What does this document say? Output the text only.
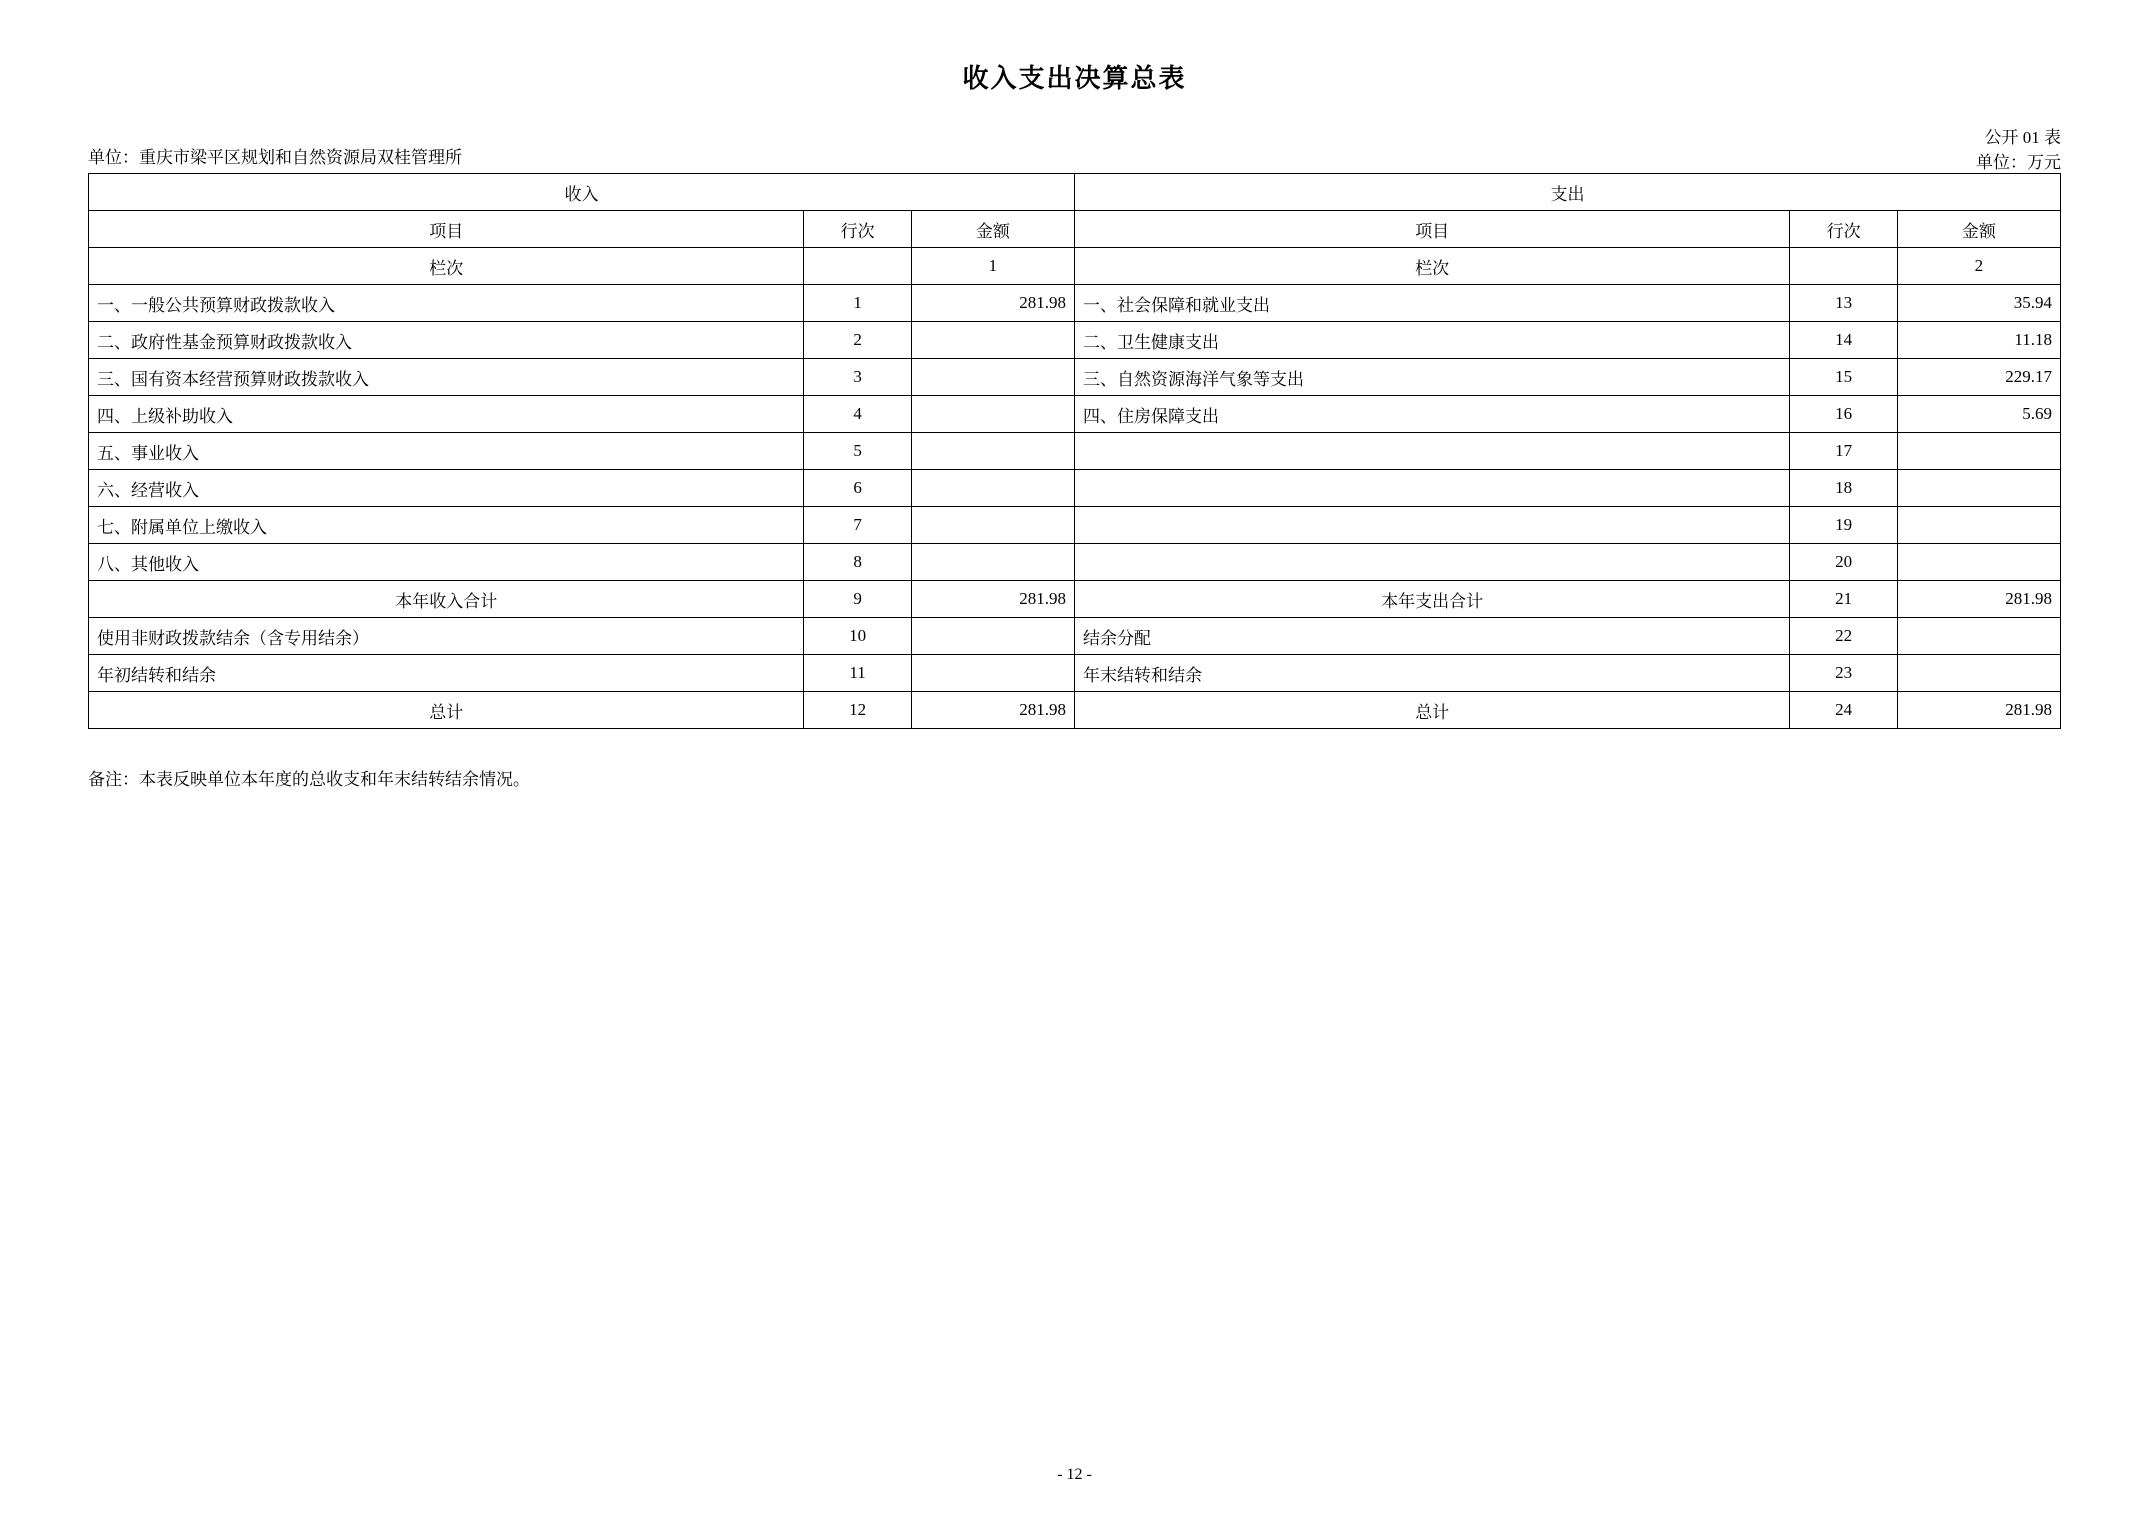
收入支出决算总表
单位：重庆市梁平区规划和自然资源局双桂管理所
公开 01 表
单位：万元
收入			支出		
项目	行次	金额	项目	行次	金额
栏次		1	栏次		2
一、一般公共预算财政拨款收入	1	281.98	一、社会保障和就业支出	13	35.94
二、政府性基金预算财政拨款收入	2		二、卫生健康支出	14	11.18
三、国有资本经营预算财政拨款收入	3		三、自然资源海洋气象等支出	15	229.17
四、上级补助收入	4		四、住房保障支出	16	5.69
五、事业收入	5			17	
六、经营收入	6			18	
七、附属单位上缴收入	7			19	
八、其他收入	8			20	
本年收入合计	9	281.98	本年支出合计	21	281.98
使用非财政拨款结余（含专用结余）	10		结余分配	22	
年初结转和结余	11		年末结转和结余	23	
总计	12	281.98	总计	24	281.98
备注：本表反映单位本年度的总收支和年末结转结余情况。
- 12 -
